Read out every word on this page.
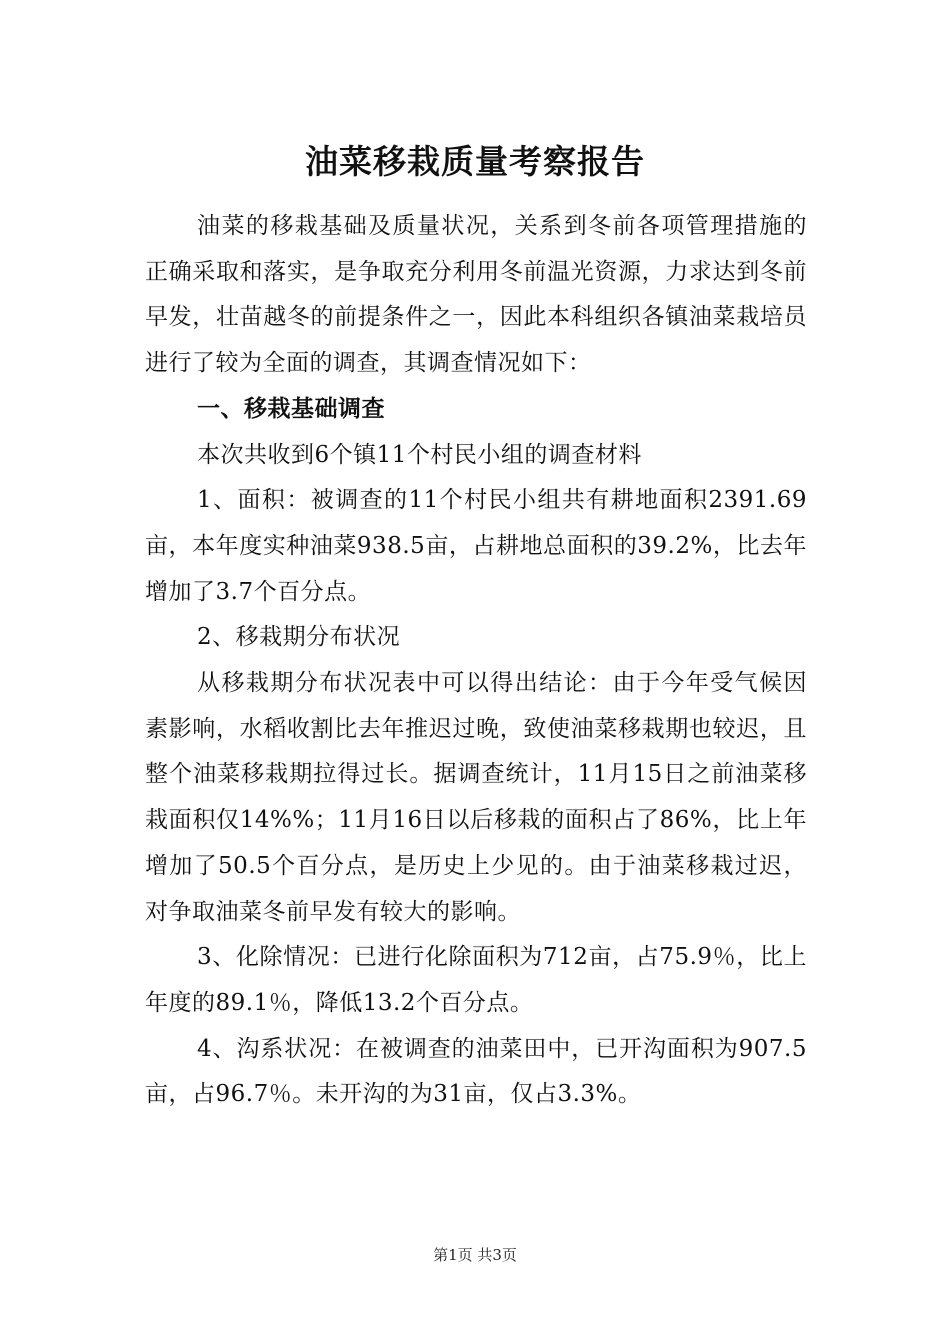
油菜移栽质量考察报告

油菜的移栽基础及质量状况，关系到冬前各项管理措施的正确采取和落实，是争取充分利用冬前温光资源，力求达到冬前早发，壮苗越冬的前提条件之一，因此本科组织各镇油菜栽培员进行了较为全面的调查，其调查情况如下：

一、移栽基础调查

本次共收到6个镇11个村民小组的调查材料

1、面积：被调查的11个村民小组共有耕地面积2391.69亩，本年度实种油菜938.5亩，占耕地总面积的39.2%，比去年增加了3.7个百分点。

2、移栽期分布状况

从移栽期分布状况表中可以得出结论：由于今年受气候因素影响，水稻收割比去年推迟过晚，致使油菜移栽期也较迟，且整个油菜移栽期拉得过长。据调查统计，11月15日之前油菜移栽面积仅14%%；11月16日以后移栽的面积占了86%，比上年增加了50.5个百分点，是历史上少见的。由于油菜移栽过迟，对争取油菜冬前早发有较大的影响。

3、化除情况：已进行化除面积为712亩，占75.9％，比上年度的89.1％，降低13.2个百分点。

4、沟系状况：在被调查的油菜田中，已开沟面积为907.5亩，占96.7％。未开沟的为31亩，仅占3.3%。

第1页 共3页
